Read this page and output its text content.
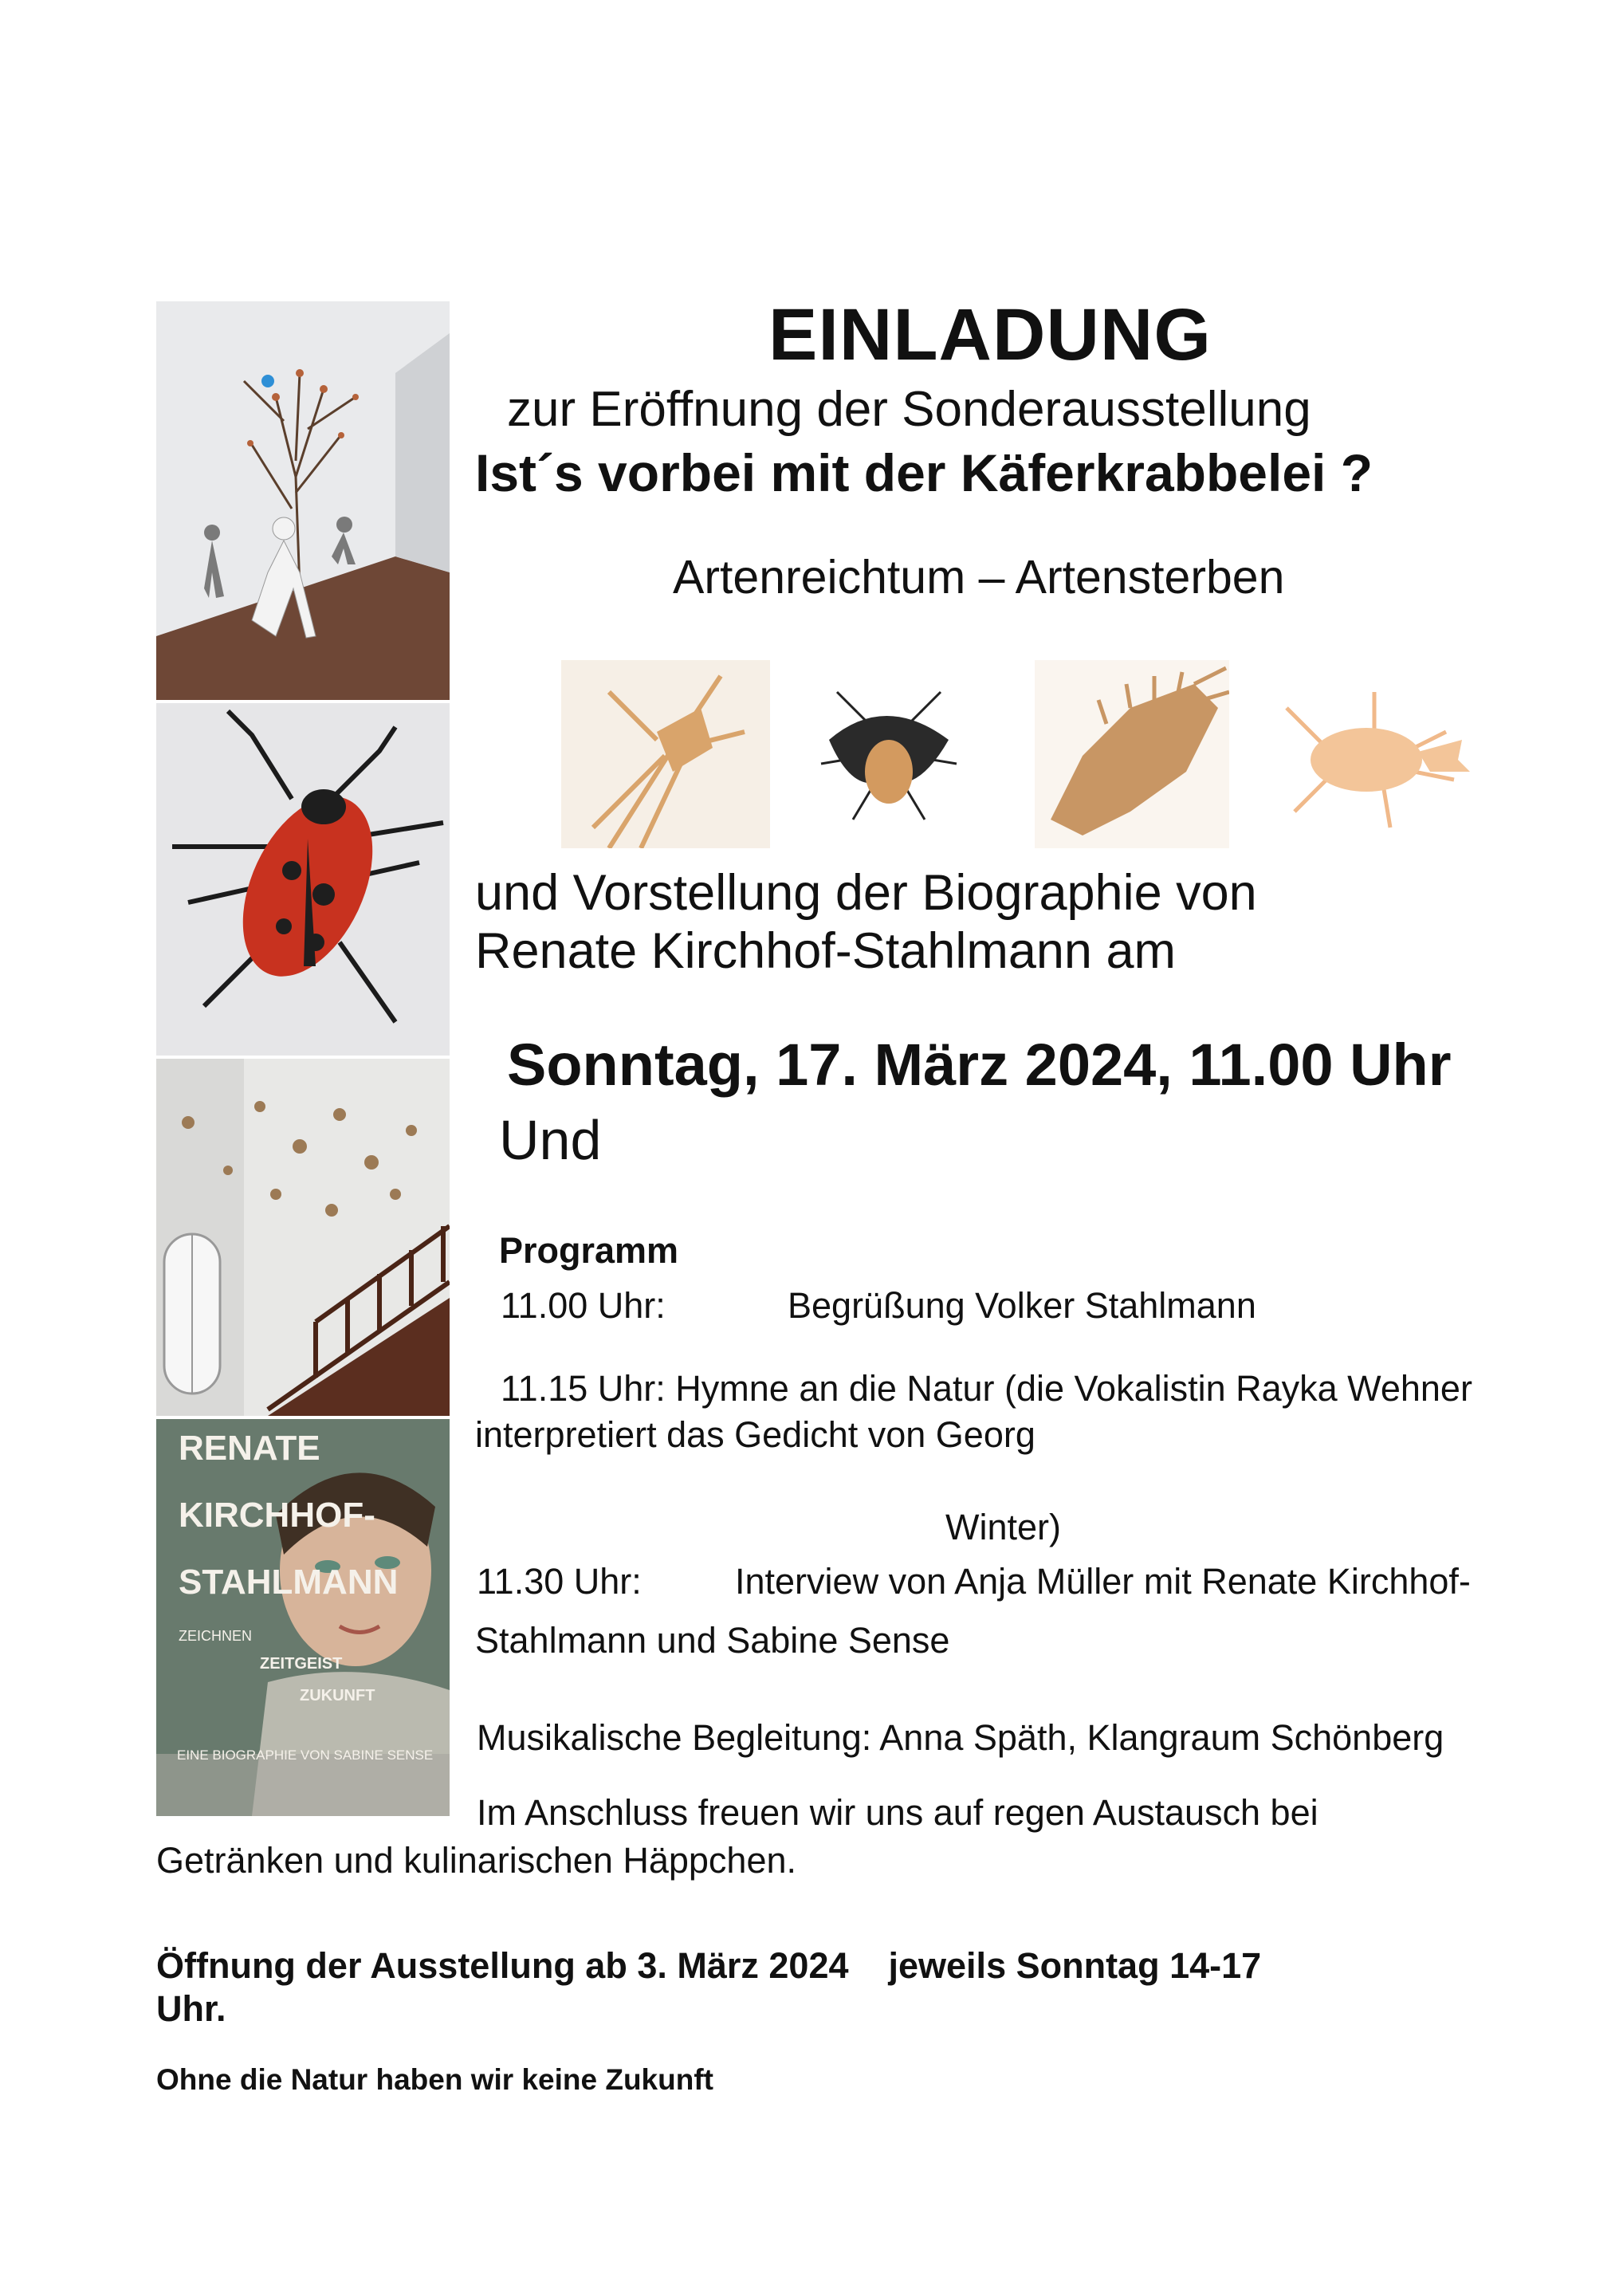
RENATE
KIRCHHOF-
STAHLMANN
ZEICHNEN
ZEITGEIST
ZUKUNFT
EINE BIOGRAPHIE VON SABINE SENSE
EINLADUNG
zur Eröffnung der Sonderausstellung
Ist´s vorbei mit der Käferkrabbelei ?
Artenreichtum – Artensterben
und Vorstellung der Biographie von
Renate Kirchhof-Stahlmann am
Sonntag, 17. März 2024, 11.00 Uhr
Und
Programm
11.00 Uhr:	Begrüßung Volker Stahlmann
11.15 Uhr: Hymne an die Natur (die Vokalistin Rayka Wehner
interpretiert das Gedicht von Georg
Winter)
11.30 Uhr:	Interview von Anja Müller mit Renate Kirchhof-
Stahlmann und Sabine Sense
Musikalische Begleitung: Anna Späth, Klangraum Schönberg
Im Anschluss freuen wir uns auf regen Austausch bei
Getränken und kulinarischen Häppchen.
Öffnung der Ausstellung ab 3. März 2024    jeweils Sonntag 14-17
Uhr.
Ohne die Natur haben wir keine Zukunft
